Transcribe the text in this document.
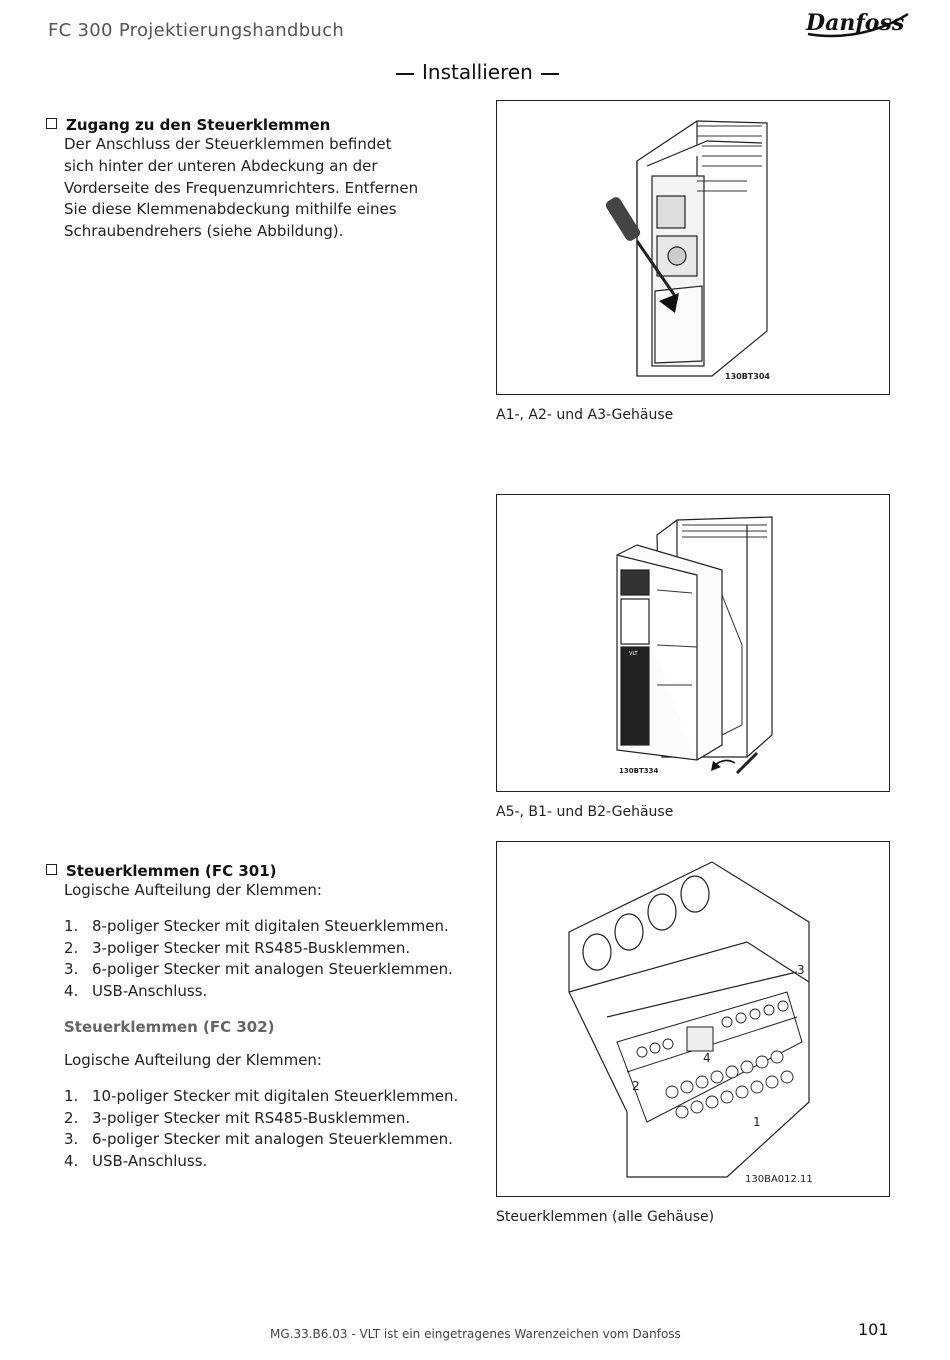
FC 300 Projektierungshandbuch	Danfoss
Installieren
Zugang zu den Steuerklemmen
Der Anschluss der Steuerklemmen befindet
sich hinter der unteren Abdeckung an der
Vorderseite des Frequenzumrichters. Entfernen
Sie diese Klemmenabdeckung mithilfe eines
Schraubendrehers (siehe Abbildung).
130BT304
A1-, A2- und A3-Gehäuse
VLT
130BT334
A5-, B1- und B2-Gehäuse
Steuerklemmen (FC 301)
Logische Aufteilung der Klemmen:
1. 8-poliger Stecker mit digitalen Steuerklemmen.
2. 3-poliger Stecker mit RS485-Busklemmen.
3. 6-poliger Stecker mit analogen Steuerklemmen.
4. USB-Anschluss.
Steuerklemmen (FC 302)
Logische Aufteilung der Klemmen:
1. 10-poliger Stecker mit digitalen Steuerklemmen.
2. 3-poliger Stecker mit RS485-Busklemmen.
3. 6-poliger Stecker mit analogen Steuerklemmen.
4. USB-Anschluss.
1
2
3
4
130BA012.11
Steuerklemmen (alle Gehäuse)
MG.33.B6.03 - VLT ist ein eingetragenes Warenzeichen vom Danfoss	101
